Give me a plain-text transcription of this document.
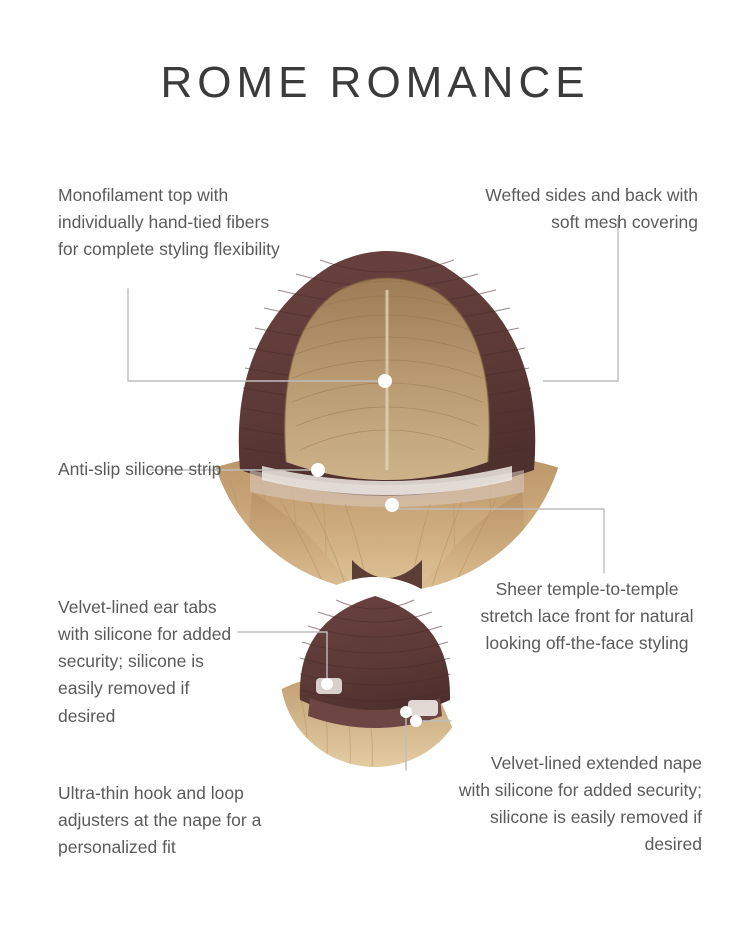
ROME ROMANCE
Monofilament top with individually hand-tied fibers for complete styling flexibility
Wefted sides and back with soft mesh covering
Anti-slip silicone strip
Sheer temple-to-temple stretch lace front for natural looking off-the-face styling
Velvet-lined ear tabs with silicone for added security; silicone is easily removed if desired
Ultra-thin hook and loop adjusters at the nape for a personalized fit
Velvet-lined extended nape with silicone for added security; silicone is easily removed if desired
